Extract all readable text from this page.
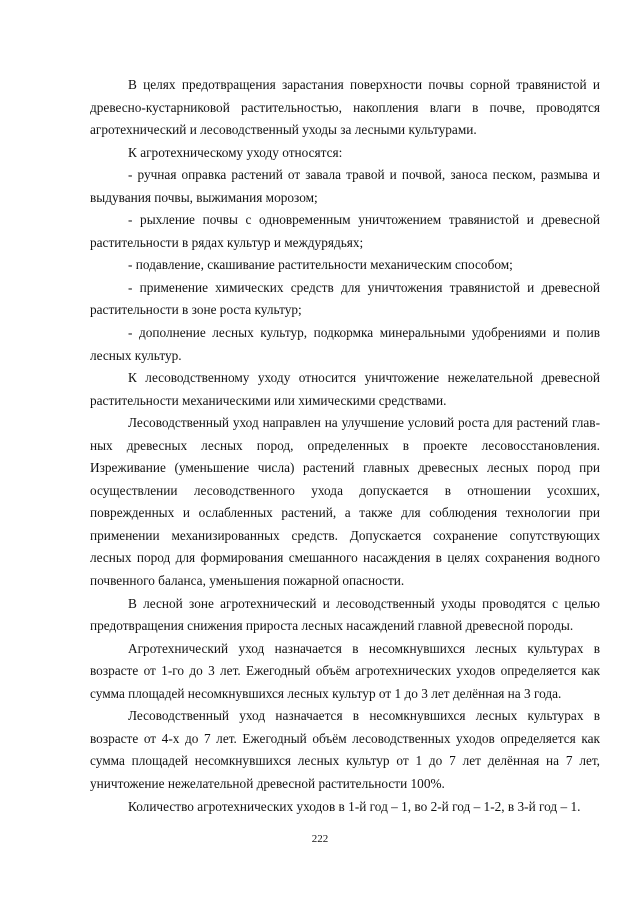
В целях предотвращения зарастания поверхности почвы сорной травянистой и древесно-кустарниковой растительностью, накопления влаги в почве, проводятся агротехнический и лесоводственный уходы за лесными культурами.

К агротехническому уходу относятся:

- ручная оправка растений от завала травой и почвой, заноса песком, размыва и выдувания почвы, выжимания морозом;

- рыхление почвы с одновременным уничтожением травянистой и древесной растительности в рядах культур и междурядьях;

- подавление, скашивание растительности механическим способом;

- применение химических средств для уничтожения травянистой и древесной растительности в зоне роста культур;

- дополнение лесных культур, подкормка минеральными удобрениями и полив лесных культур.

К лесоводственному уходу относится уничтожение нежелательной древесной растительности механическими или химическими средствами.

Лесоводственный уход направлен на улучшение условий роста для растений главных древесных лесных пород, определенных в проекте лесовосстановления. Изреживание (уменьшение числа) растений главных древесных лесных пород при осуществлении лесоводственного ухода допускается в отношении усохших, поврежденных и ослабленных растений, а также для соблюдения технологии при применении механизированных средств. Допускается сохранение сопутствующих лесных пород для формирования смешанного насаждения в целях сохранения водного почвенного баланса, уменьшения пожарной опасности.

В лесной зоне агротехнический и лесоводственный уходы проводятся с целью предотвращения снижения прироста лесных насаждений главной древесной породы.

Агротехнический уход назначается в несомкнувшихся лесных культурах в возрасте от 1-го до 3 лет. Ежегодный объём агротехнических уходов определяется как сумма площадей несомкнувшихся лесных культур от 1 до 3 лет делённая на 3 года.

Лесоводственный уход назначается в несомкнувшихся лесных культурах в возрасте от 4-х до 7 лет. Ежегодный объём лесоводственных уходов определяется как сумма площадей несомкнувшихся лесных культур от 1 до 7 лет делённая на 7 лет, уничтожение нежелательной древесной растительности 100%.

Количество агротехнических уходов в 1-й год – 1, во 2-й год – 1-2, в 3-й год – 1.

222
